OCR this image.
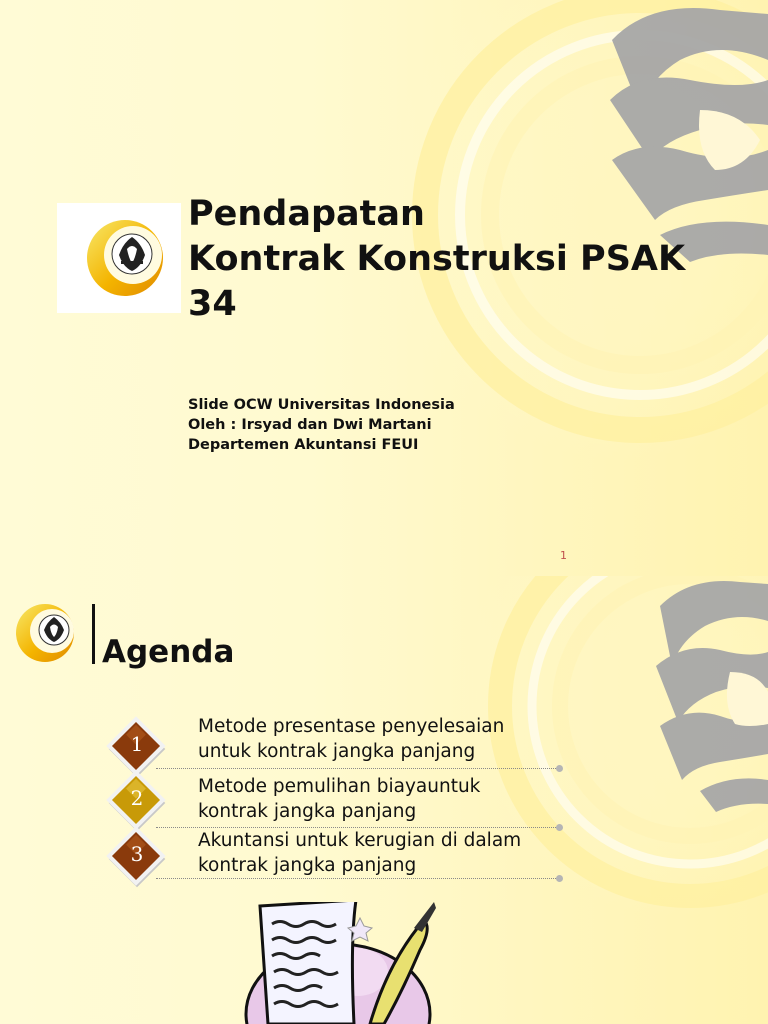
Pendapatan
Kontrak Konstruksi PSAK
34
Slide OCW Universitas Indonesia
Oleh : Irsyad dan Dwi Martani
Departemen Akuntansi FEUI
1
Agenda
1
Metode presentase penyelesaian untuk kontrak jangka panjang
2	Metode pemulihan biayauntuk kontrak jangka panjang
3
Akuntansi untuk kerugian di dalam kontrak jangka panjang
